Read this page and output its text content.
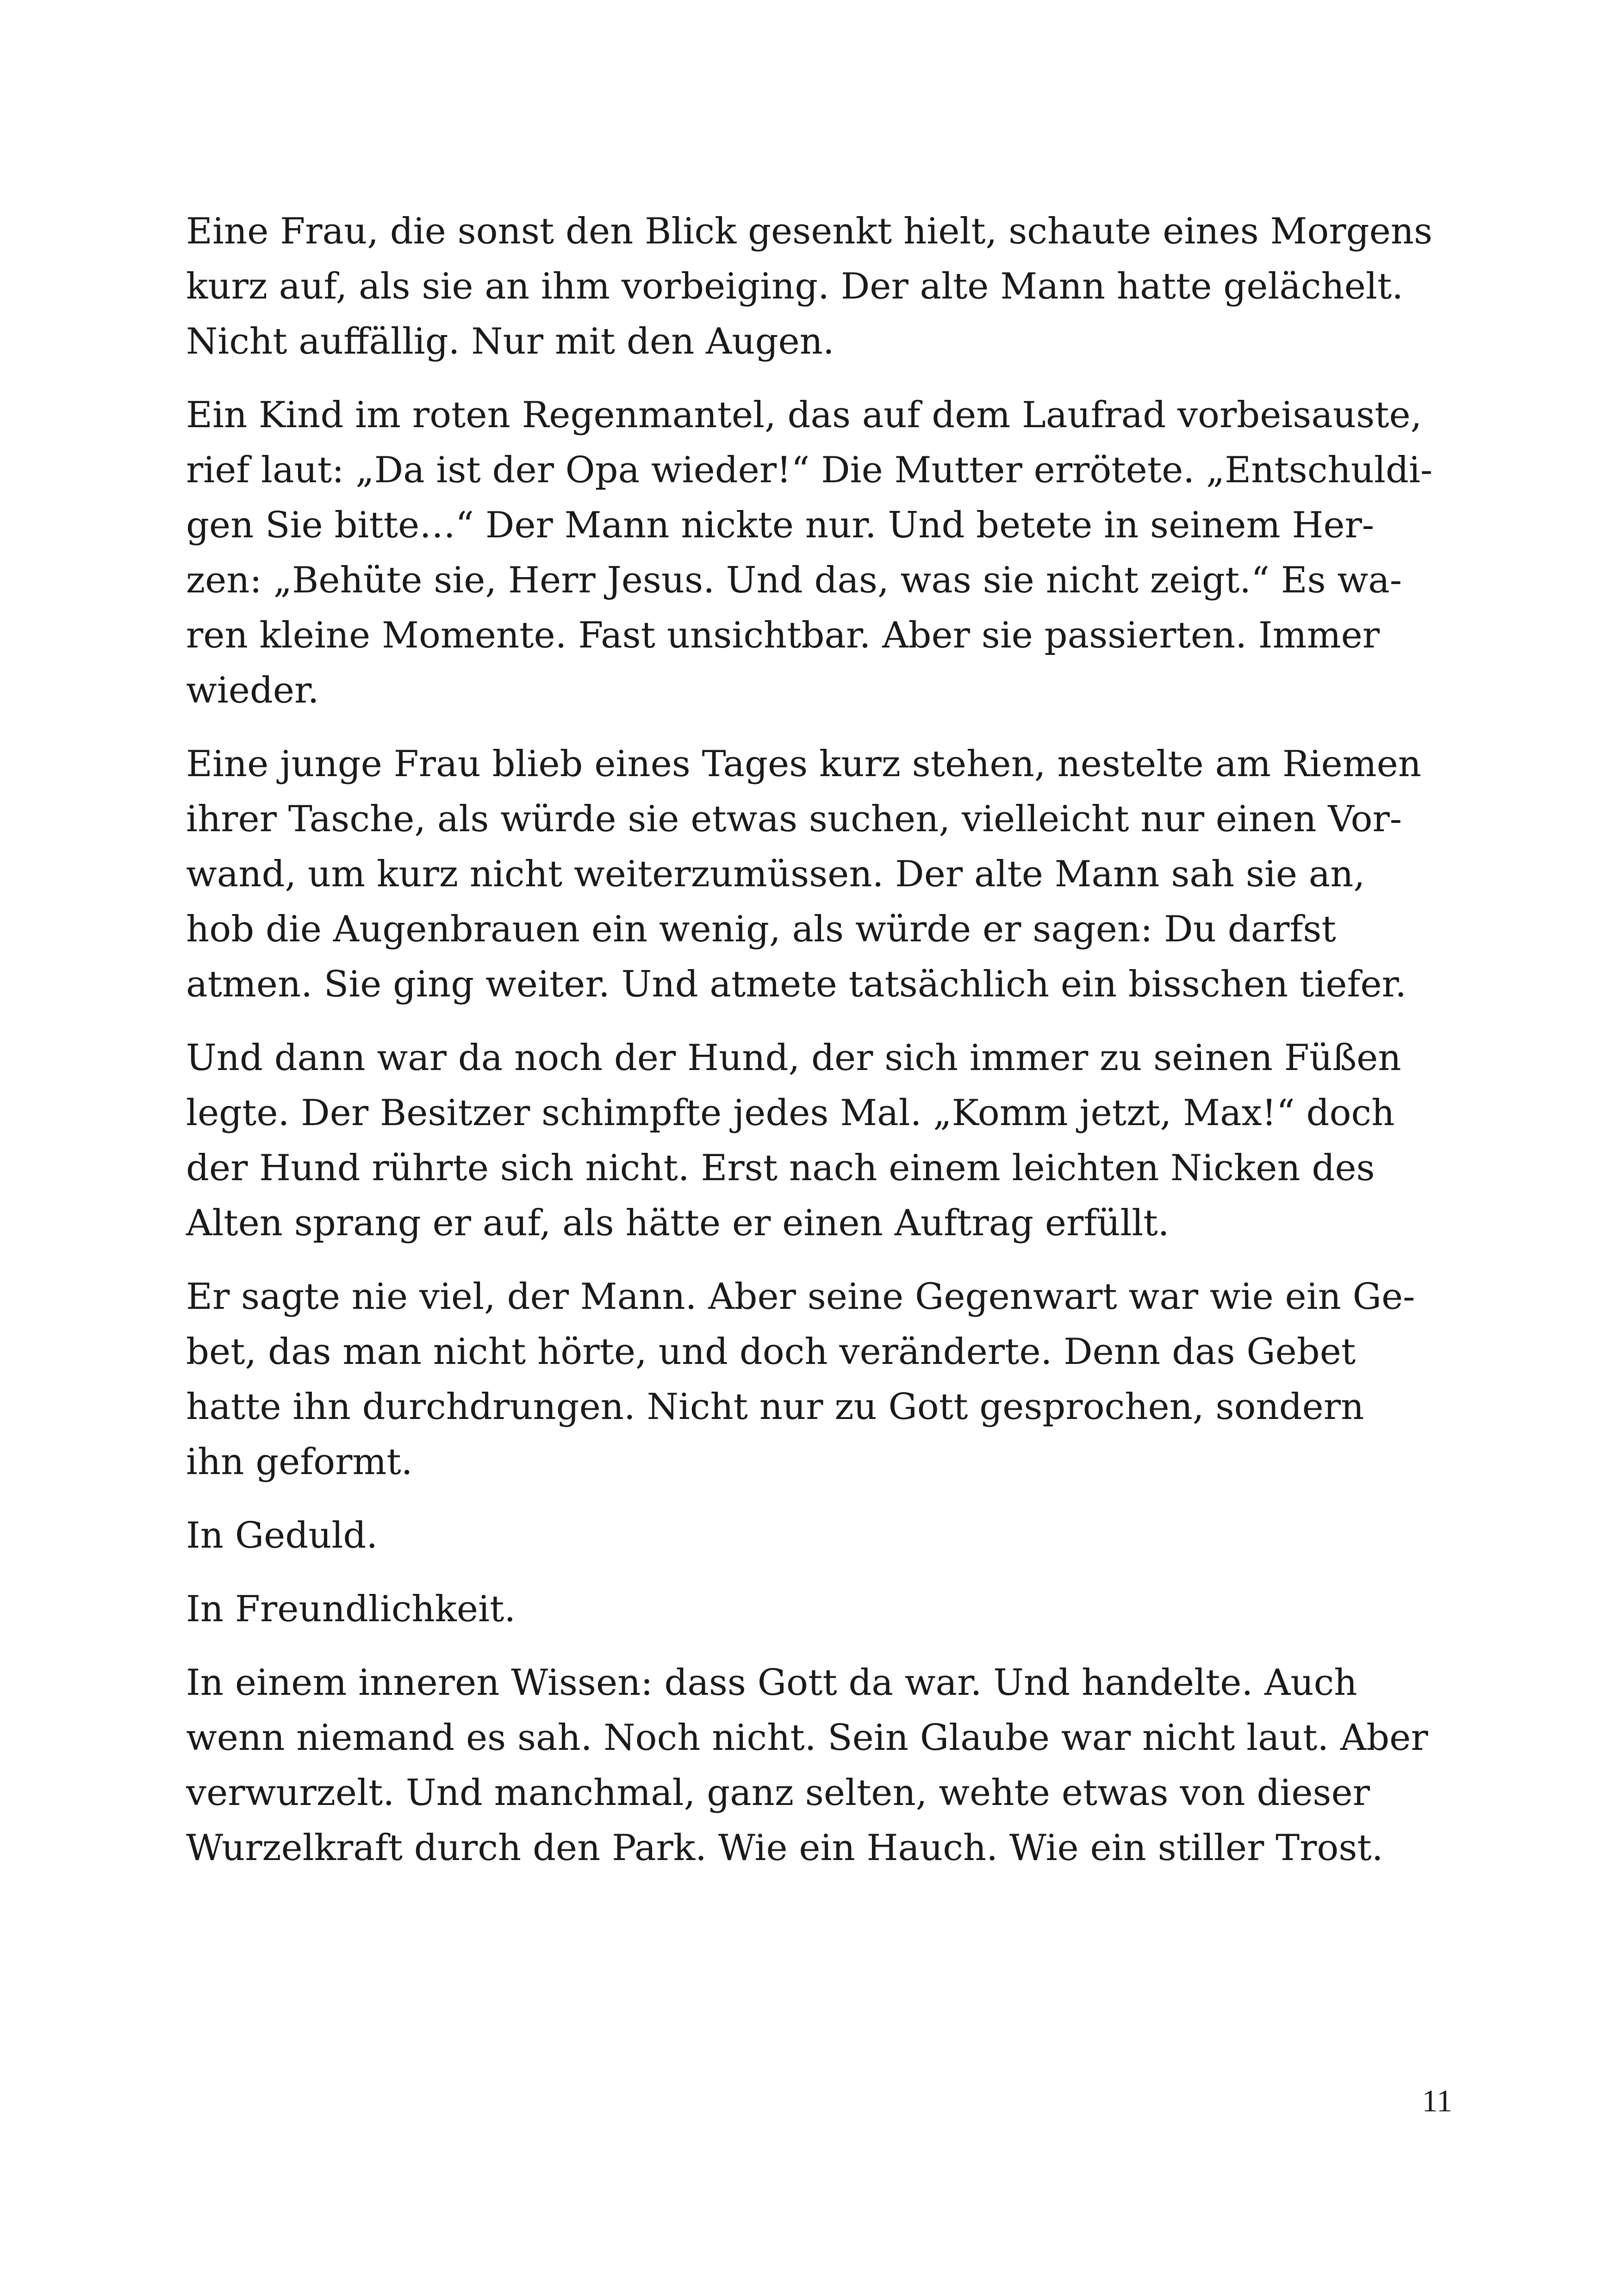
Eine Frau, die sonst den Blick gesenkt hielt, schaute eines Morgens
kurz auf, als sie an ihm vorbeiging. Der alte Mann hatte gelächelt.
Nicht auffällig. Nur mit den Augen.

Ein Kind im roten Regenmantel, das auf dem Laufrad vorbeisauste,
rief laut: „Da ist der Opa wieder!“ Die Mutter errötete. „Entschuldi-
gen Sie bitte…“ Der Mann nickte nur. Und betete in seinem Her-
zen: „Behüte sie, Herr Jesus. Und das, was sie nicht zeigt.“ Es wa-
ren kleine Momente. Fast unsichtbar. Aber sie passierten. Immer
wieder.

Eine junge Frau blieb eines Tages kurz stehen, nestelte am Riemen
ihrer Tasche, als würde sie etwas suchen, vielleicht nur einen Vor-
wand, um kurz nicht weiterzumüssen. Der alte Mann sah sie an,
hob die Augenbrauen ein wenig, als würde er sagen: Du darfst
atmen. Sie ging weiter. Und atmete tatsächlich ein bisschen tiefer.

Und dann war da noch der Hund, der sich immer zu seinen Füßen
legte. Der Besitzer schimpfte jedes Mal. „Komm jetzt, Max!“ doch
der Hund rührte sich nicht. Erst nach einem leichten Nicken des
Alten sprang er auf, als hätte er einen Auftrag erfüllt.

Er sagte nie viel, der Mann. Aber seine Gegenwart war wie ein Ge-
bet, das man nicht hörte, und doch veränderte. Denn das Gebet
hatte ihn durchdrungen. Nicht nur zu Gott gesprochen, sondern
ihn geformt.

In Geduld.

In Freundlichkeit.

In einem inneren Wissen: dass Gott da war. Und handelte. Auch
wenn niemand es sah. Noch nicht. Sein Glaube war nicht laut. Aber
verwurzelt. Und manchmal, ganz selten, wehte etwas von dieser
Wurzelkraft durch den Park. Wie ein Hauch. Wie ein stiller Trost.

11
